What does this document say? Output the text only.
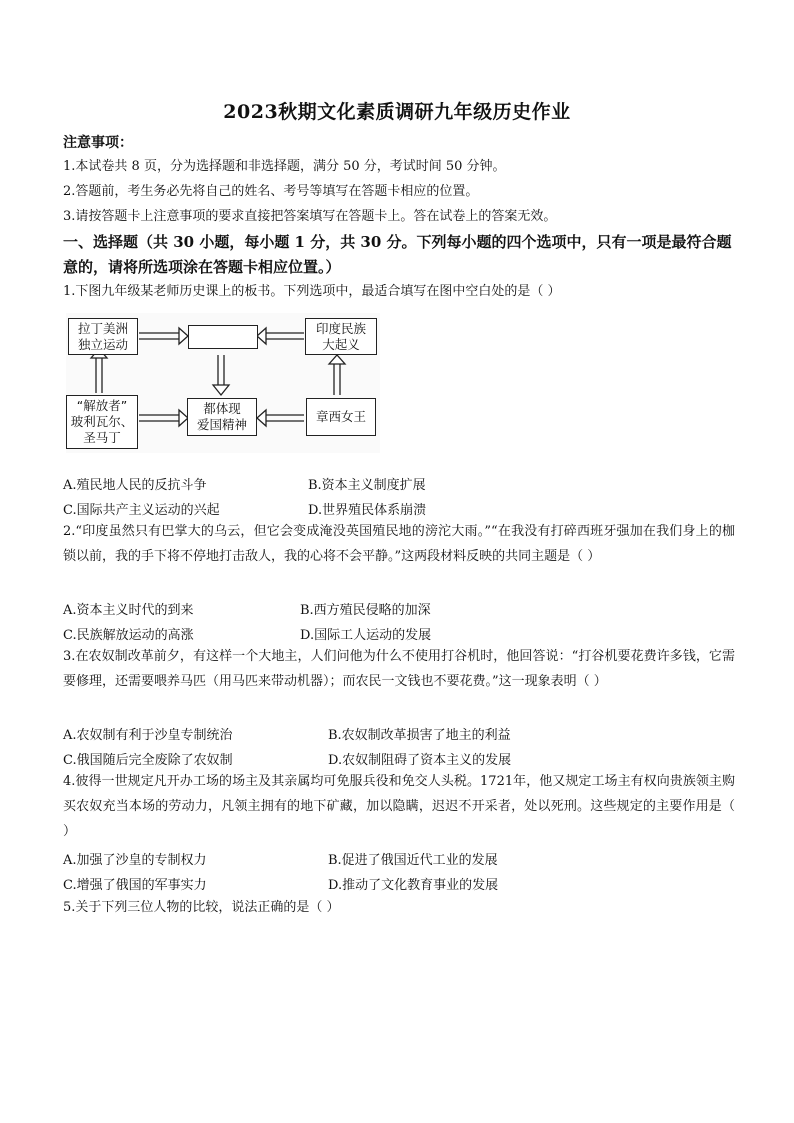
2023秋期文化素质调研九年级历史作业
注意事项：
1.本试卷共 8 页，分为选择题和非选择题，满分 50 分，考试时间 50 分钟。
2.答题前，考生务必先将自己的姓名、考号等填写在答题卡相应的位置。
3.请按答题卡上注意事项的要求直接把答案填写在答题卡上。答在试卷上的答案无效。
一、选择题（共 30 小题，每小题 1 分，共 30 分。下列每小题的四个选项中，只有一项是最符合题意的，请将所选项涂在答题卡相应位置。）
1.下图九年级某老师历史课上的板书。下列选项中，最适合填写在图中空白处的是（ ）
拉丁美洲
独立运动
印度民族
大起义
“解放者”
玻利瓦尔、
圣马丁
都体现
爱国精神
章西女王
A.殖民地人民的反抗斗争	B.资本主义制度扩展
C.国际共产主义运动的兴起	D.世界殖民体系崩溃
2.“印度虽然只有巴掌大的乌云，但它会变成淹没英国殖民地的滂沱大雨。”“在我没有打碎西班牙强加在我们身上的枷锁以前，我的手下将不停地打击敌人，我的心将不会平静。”这两段材料反映的共同主题是（ ）
A.资本主义时代的到来	B.西方殖民侵略的加深
C.民族解放运动的高涨	D.国际工人运动的发展
3.在农奴制改革前夕，有这样一个大地主，人们问他为什么不使用打谷机时，他回答说：“打谷机要花费许多钱，它需要修理，还需要喂养马匹（用马匹来带动机器）；而农民一文钱也不要花费。”这一现象表明（ ）
A.农奴制有利于沙皇专制统治	B.农奴制改革损害了地主的利益
C.俄国随后完全废除了农奴制	D.农奴制阻碍了资本主义的发展
4.彼得一世规定凡开办工场的场主及其亲属均可免服兵役和免交人头税。1721年，他又规定工场主有权向贵族领主购买农奴充当本场的劳动力，凡领主拥有的地下矿藏，加以隐瞒，迟迟不开采者，处以死刑。这些规定的主要作用是（ ）
A.加强了沙皇的专制权力	B.促进了俄国近代工业的发展
C.增强了俄国的军事实力	D.推动了文化教育事业的发展
5.关于下列三位人物的比较，说法正确的是（ ）
